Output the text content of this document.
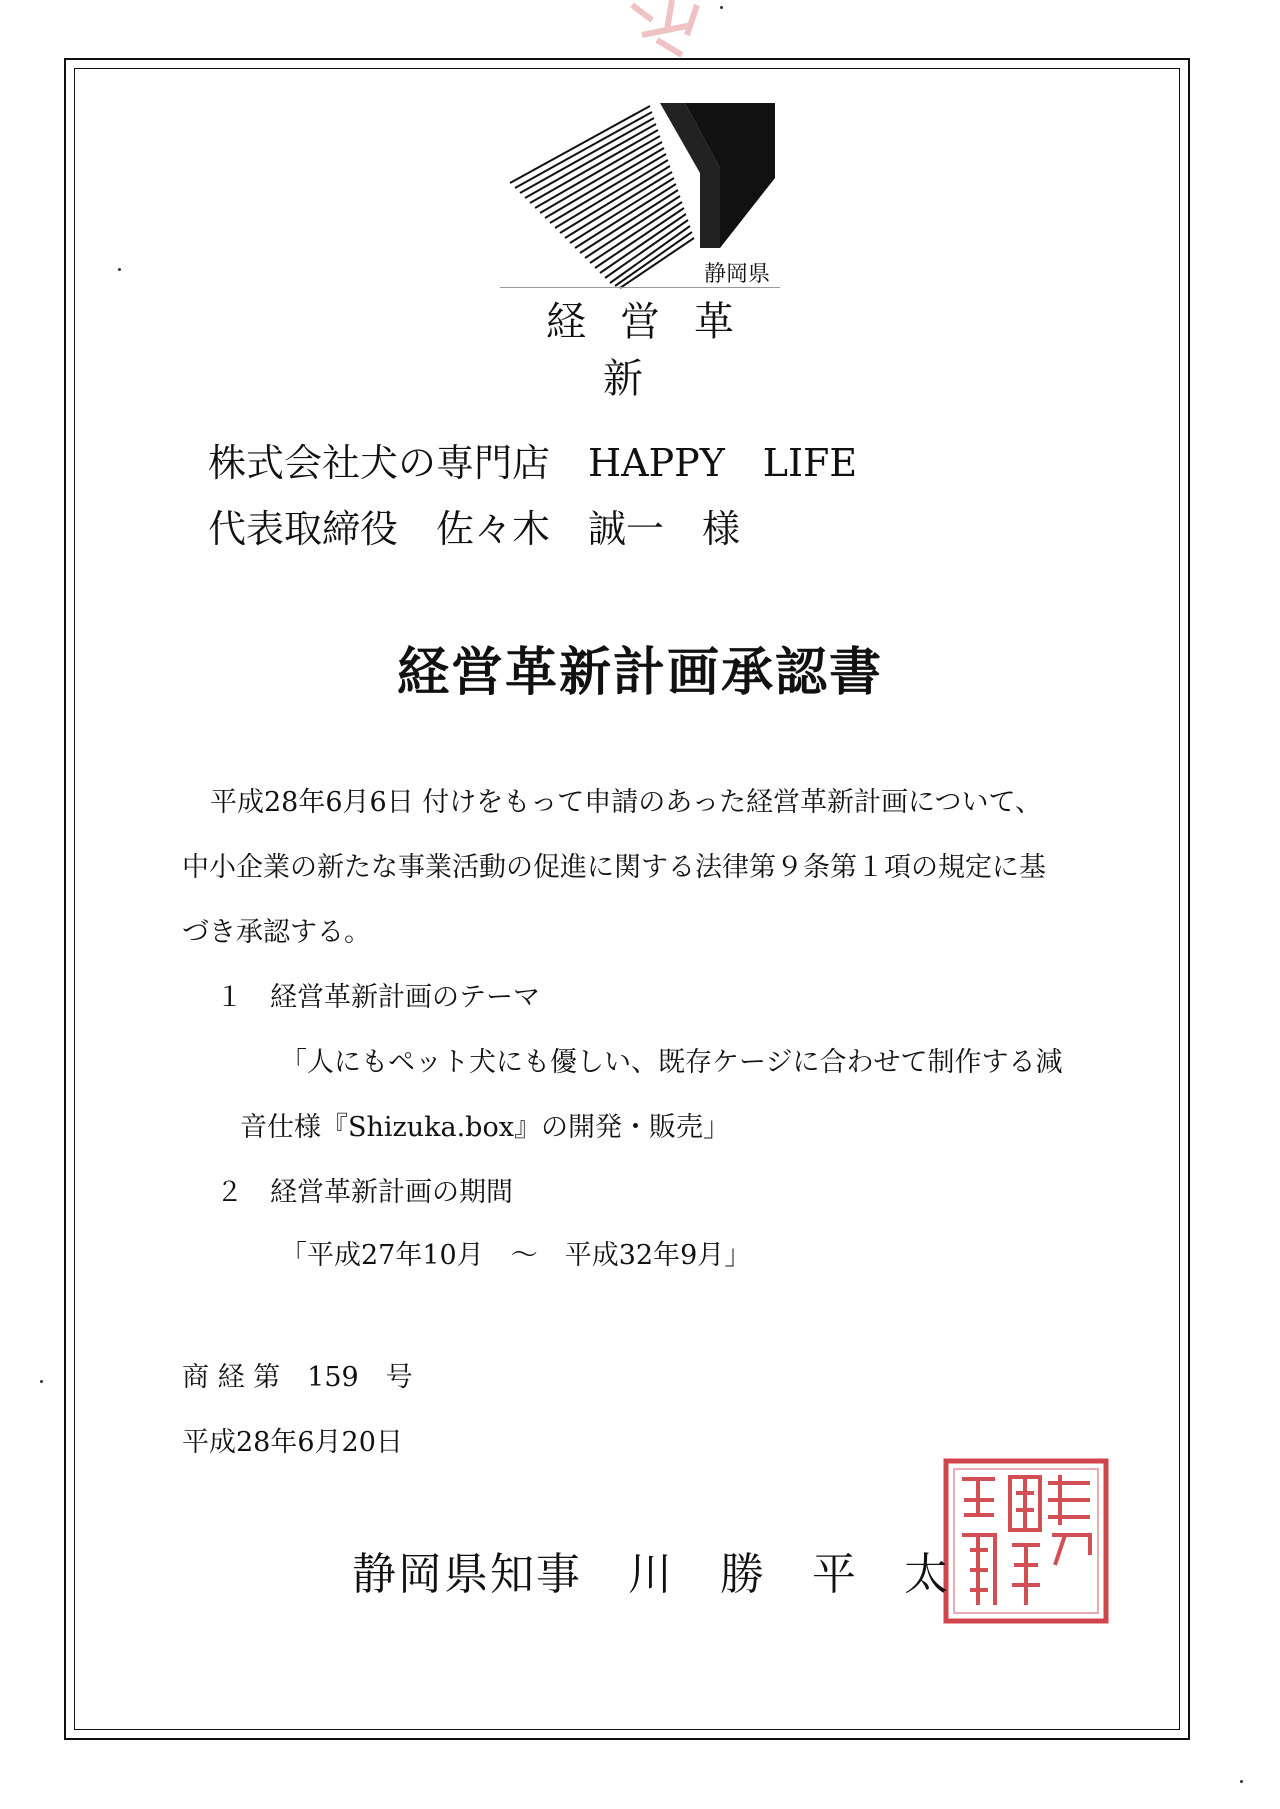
静岡県

経営革新

株式会社犬の専門店　HAPPY　LIFE

代表取締役　佐々木　誠一　様

経営革新計画承認書

平成28年6月6日 付けをもって申請のあった経営革新計画について、

中小企業の新たな事業活動の促進に関する法律第９条第１項の規定に基

づき承認する。

１　経営革新計画のテーマ

「人にもペット犬にも優しい、既存ケージに合わせて制作する減

音仕様『Shizuka.box』の開発・販売」

２　経営革新計画の期間

「平成27年10月　～　平成32年9月」

商 経 第　159　号

平成28年6月20日

静岡県知事　川　勝　平　太
